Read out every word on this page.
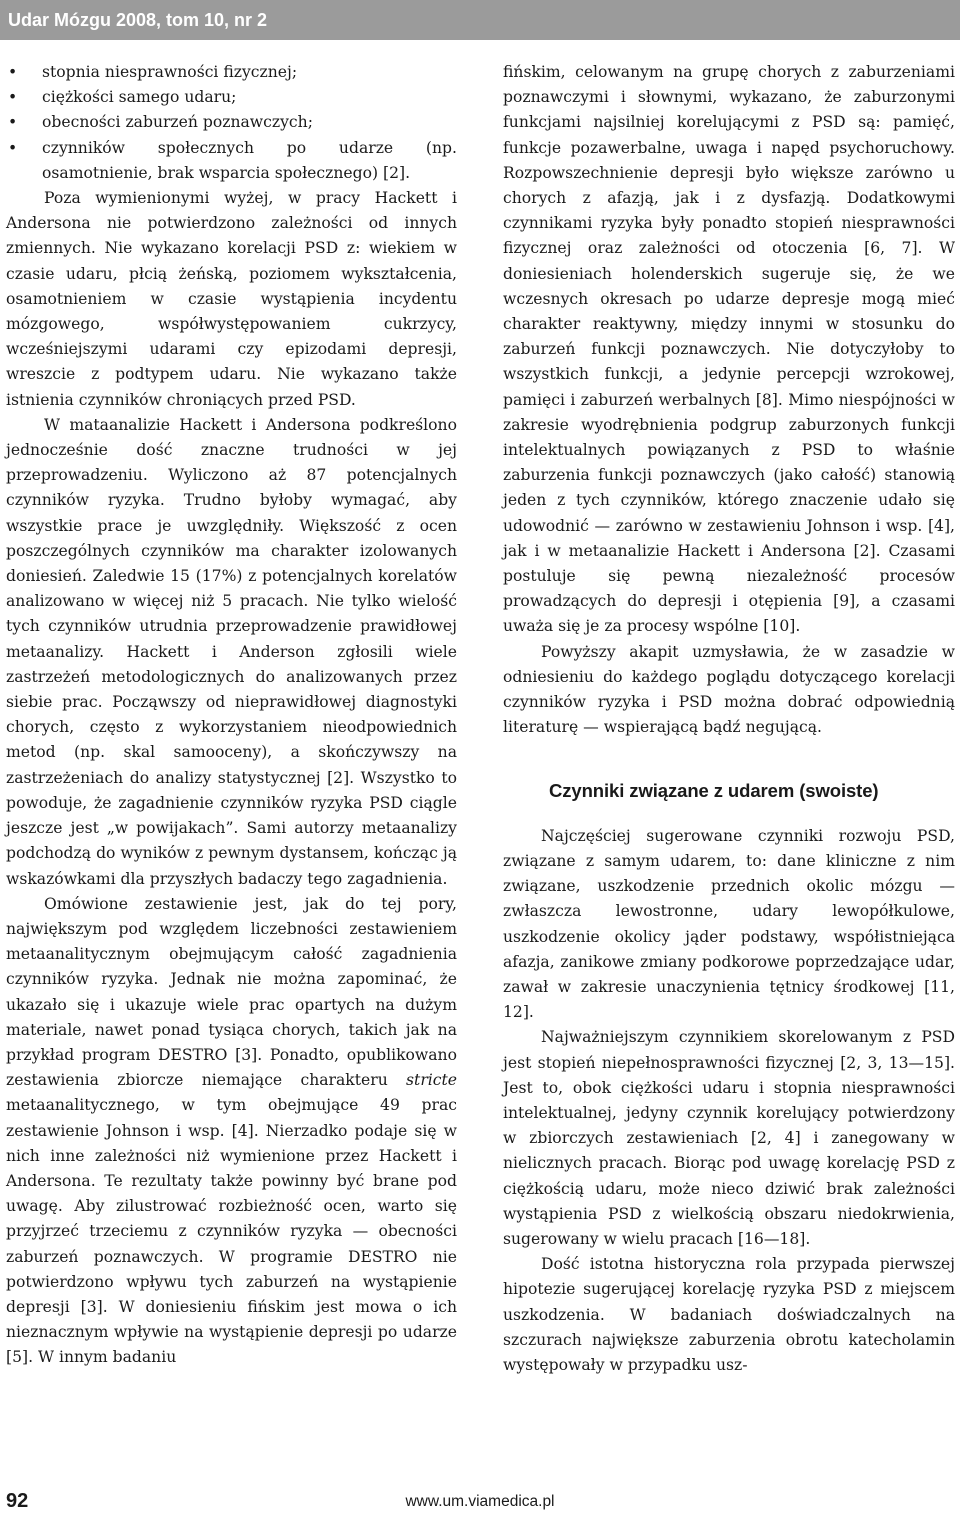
Udar Mózgu 2008, tom 10, nr 2
• stopnia niesprawności fizycznej;
• ciężkości samego udaru;
• obecności zaburzeń poznawczych;
• czynników społecznych po udarze (np. osamotnienie, brak wsparcia społecznego) [2].

Poza wymienionymi wyżej, w pracy Hackett i Andersona nie potwierdzono zależności od innych zmiennych. Nie wykazano korelacji PSD z: wiekiem w czasie udaru, płcią żeńską, poziomem wykształcenia, osamotnieniem w czasie wystąpienia incydentu mózgowego, współwystępowaniem cukrzycy, wcześniejszymi udarami czy epizodami depresji, wreszcie z podtypem udaru. Nie wykazano także istnienia czynników chroniących przed PSD.

W mataanalizie Hackett i Andersona podkreślono jednocześnie dość znaczne trudności w jej przeprowadzeniu. Wyliczono aż 87 potencjalnych czynników ryzyka. Trudno byłoby wymagać, aby wszystkie prace je uwzględniły. Większość z ocen poszczególnych czynników ma charakter izolowanych doniesień. Zaledwie 15 (17%) z potencjalnych korelatów analizowano w więcej niż 5 pracach. Nie tylko wielość tych czynników utrudnia przeprowadzenie prawidłowej metaanalizy. Hackett i Anderson zgłosili wiele zastrzeżeń metodologicznych do analizowanych przez siebie prac. Począwszy od nieprawidłowej diagnostyki chorych, często z wykorzystaniem nieodpowiednich metod (np. skal samooceny), a skończywszy na zastrzeżeniach do analizy statystycznej [2]. Wszystko to powoduje, że zagadnienie czynników ryzyka PSD ciągle jeszcze jest „w powijakach”. Sami autorzy metaanalizy podchodzą do wyników z pewnym dystansem, kończąc ją wskazówkami dla przyszłych badaczy tego zagadnienia.

Omówione zestawienie jest, jak do tej pory, największym pod względem liczebności zestawieniem metaanalitycznym obejmującym całość zagadnienia czynników ryzyka. Jednak nie można zapominać, że ukazało się i ukazuje wiele prac opartych na dużym materiale, nawet ponad tysiąca chorych, takich jak na przykład program DESTRO [3]. Ponadto, opublikowano zestawienia zbiorcze niemające charakteru stricte metaanalitycznego, w tym obejmujące 49 prac zestawienie Johnson i wsp. [4]. Nierzadko podaje się w nich inne zależności niż wymienione przez Hackett i Andersona. Te rezultaty także powinny być brane pod uwagę. Aby zilustrować rozbieżność ocen, warto się przyjrzeć trzeciemu z czynników ryzyka — obecności zaburzeń poznawczych. W programie DESTRO nie potwierdzono wpływu tych zaburzeń na wystąpienie depresji [3]. W doniesieniu fińskim jest mowa o ich nieznacznym wpływie na wystąpienie depresji po udarze [5]. W innym badaniu

fińskim, celowanym na grupę chorych z zaburzeniami poznawczymi i słownymi, wykazano, że zaburzonymi funkcjami najsilniej korelującymi z PSD są: pamięć, funkcje pozawerbalne, uwaga i napęd psychoruchowy. Rozpowszechnienie depresji było większe zarówno u chorych z afazją, jak i z dysfazją. Dodatkowymi czynnikami ryzyka były ponadto stopień niesprawności fizycznej oraz zależności od otoczenia [6, 7]. W doniesieniach holenderskich sugeruje się, że we wczesnych okresach po udarze depresje mogą mieć charakter reaktywny, między innymi w stosunku do zaburzeń funkcji poznawczych. Nie dotyczyłoby to wszystkich funkcji, a jedynie percepcji wzrokowej, pamięci i zaburzeń werbalnych [8]. Mimo niespójności w zakresie wyodrębnienia podgrup zaburzonych funkcji intelektualnych powiązanych z PSD to właśnie zaburzenia funkcji poznawczych (jako całość) stanowią jeden z tych czynników, którego znaczenie udało się udowodnić — zarówno w zestawieniu Johnson i wsp. [4], jak i w metaanalizie Hackett i Andersona [2]. Czasami postuluje się pewną niezależność procesów prowadzących do depresji i otępienia [9], a czasami uważa się je za procesy wspólne [10].

Powyższy akapit uzmysławia, że w zasadzie w odniesieniu do każdego poglądu dotyczącego korelacji czynników ryzyka i PSD można dobrać odpowiednią literaturę — wspierającą bądź negującą.

Czynniki związane z udarem (swoiste)

Najczęściej sugerowane czynniki rozwoju PSD, związane z samym udarem, to: dane kliniczne z nim związane, uszkodzenie przednich okolic mózgu — zwłaszcza lewostronne, udary lewopółkulowe, uszkodzenie okolicy jąder podstawy, współistniejąca afazja, zanikowe zmiany podkorowe poprzedzające udar, zawał w zakresie unaczynienia tętnicy środkowej [11, 12].

Najważniejszym czynnikiem skorelowanym z PSD jest stopień niepełnosprawności fizycznej [2, 3, 13—15]. Jest to, obok ciężkości udaru i stopnia niesprawności intelektualnej, jedyny czynnik korelujący potwierdzony w zbiorczych zestawieniach [2, 4] i zanegowany w nielicznych pracach. Biorąc pod uwagę korelację PSD z ciężkością udaru, może nieco dziwić brak zależności wystąpienia PSD z wielkością obszaru niedokrwienia, sugerowany w wielu pracach [16—18].

Dość istotna historyczna rola przypada pierwszej hipotezie sugerującej korelację ryzyka PSD z miejscem uszkodzenia. W badaniach doświadczalnych na szczurach największe zaburzenia obrotu katecholamin występowały w przypadku usz-

92	www.um.viamedica.pl
